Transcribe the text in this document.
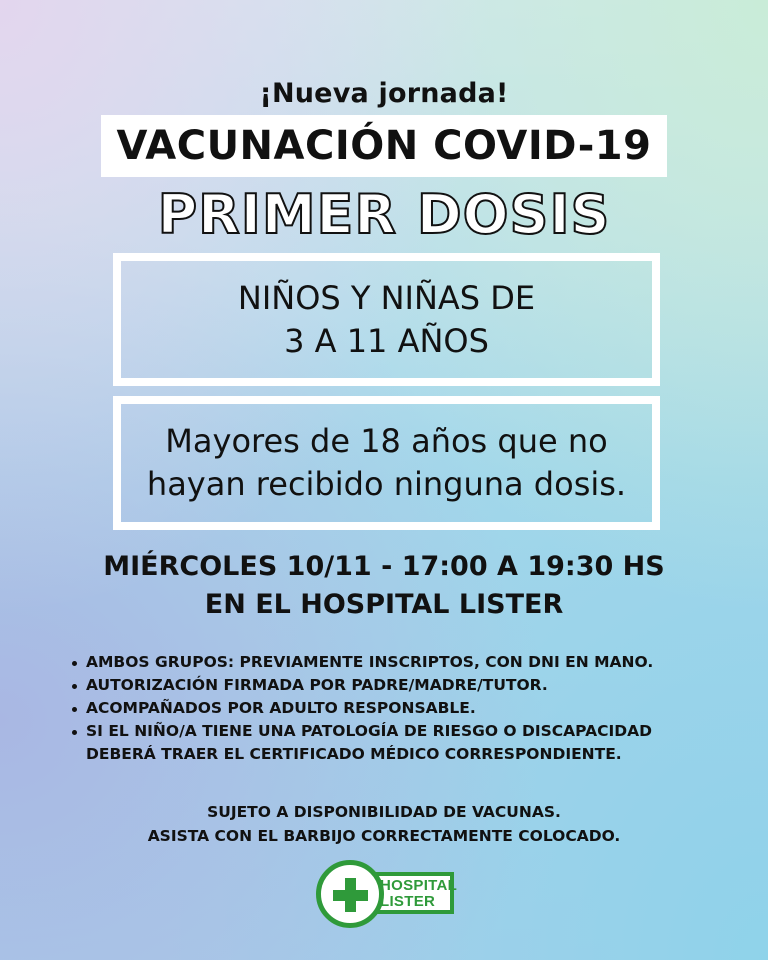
¡Nueva jornada!
VACUNACIÓN COVID-19
PRIMER DOSIS
NIÑOS Y NIÑAS DE
3 A 11 AÑOS
Mayores de 18 años que no
hayan recibido ninguna dosis.
MIÉRCOLES 10/11 - 17:00 A 19:30 HS
EN EL HOSPITAL LISTER
AMBOS GRUPOS: PREVIAMENTE INSCRIPTOS, CON DNI EN MANO.
AUTORIZACIÓN FIRMADA POR PADRE/MADRE/TUTOR.
ACOMPAÑADOS POR ADULTO RESPONSABLE.
SI EL NIÑO/A TIENE UNA PATOLOGÍA DE RIESGO O DISCAPACIDAD DEBERÁ TRAER EL CERTIFICADO MÉDICO CORRESPONDIENTE.
SUJETO A DISPONIBILIDAD DE VACUNAS.
ASISTA CON EL BARBIJO CORRECTAMENTE COLOCADO.
HOSPITAL
LISTER
